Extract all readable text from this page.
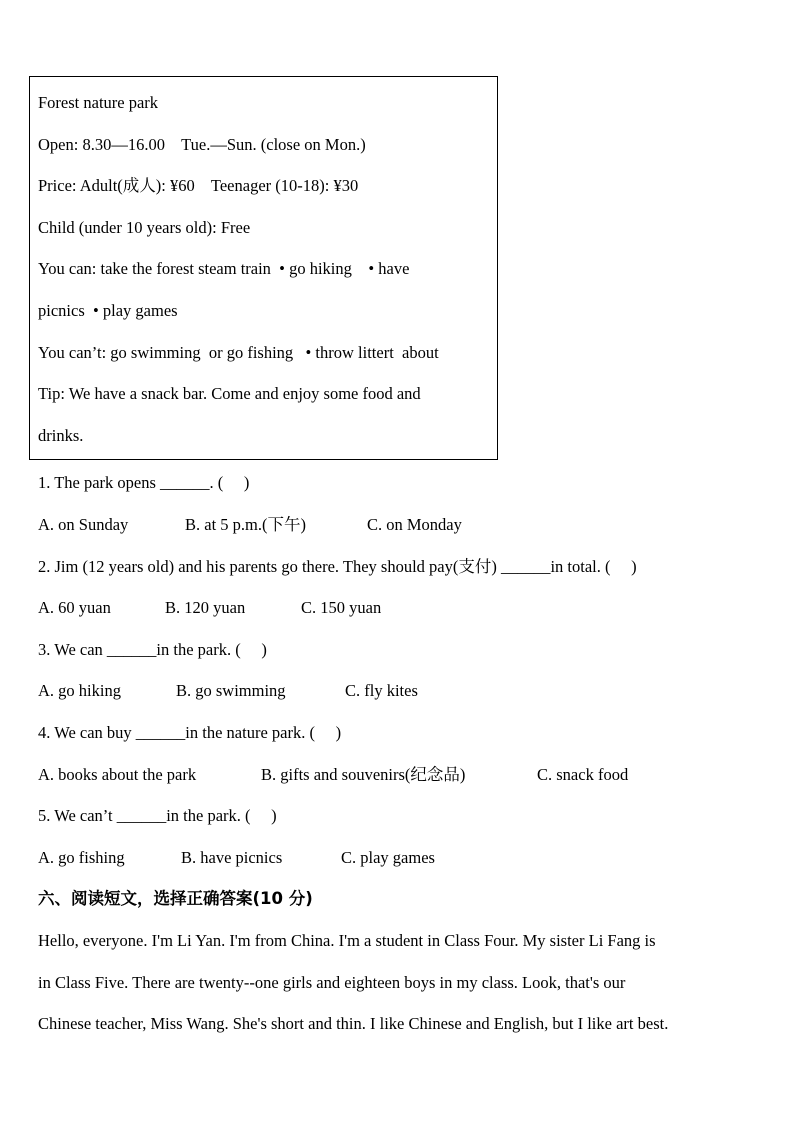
Forest nature park
Open: 8.30—16.00    Tue.—Sun. (close on Mon.)
Price: Adult(成人): ¥60    Teenager (10-18): ¥30
Child (under 10 years old): Free
You can: take the forest steam train  • go hiking    • have
picnics  • play games
You can’t: go swimming  or go fishing   • throw littert  about
Tip: We have a snack bar. Come and enjoy some food and
drinks.
1. The park opens ______. (     )
A. on Sunday	B. at 5 p.m.(下午)	C. on Monday
2. Jim (12 years old) and his parents go there. They should pay(支付) ______in total. (     )
A. 60 yuan	B. 120 yuan	C. 150 yuan
3. We can ______in the park. (     )
A. go hiking	B. go swimming	C. fly kites
4. We can buy ______in the nature park. (     )
A. books about the park	B. gifts and souvenirs(纪念品)	C. snack food
5. We can’t ______in the park. (     )
A. go fishing	B. have picnics	C. play games
六、阅读短文，选择正确答案(10 分)
Hello, everyone. I'm Li Yan. I'm from China. I'm a student in Class Four. My sister Li Fang is
in Class Five. There are twenty--one girls and eighteen boys in my class. Look, that's our
Chinese teacher, Miss Wang. She's short and thin. I like Chinese and English, but I like art best.
